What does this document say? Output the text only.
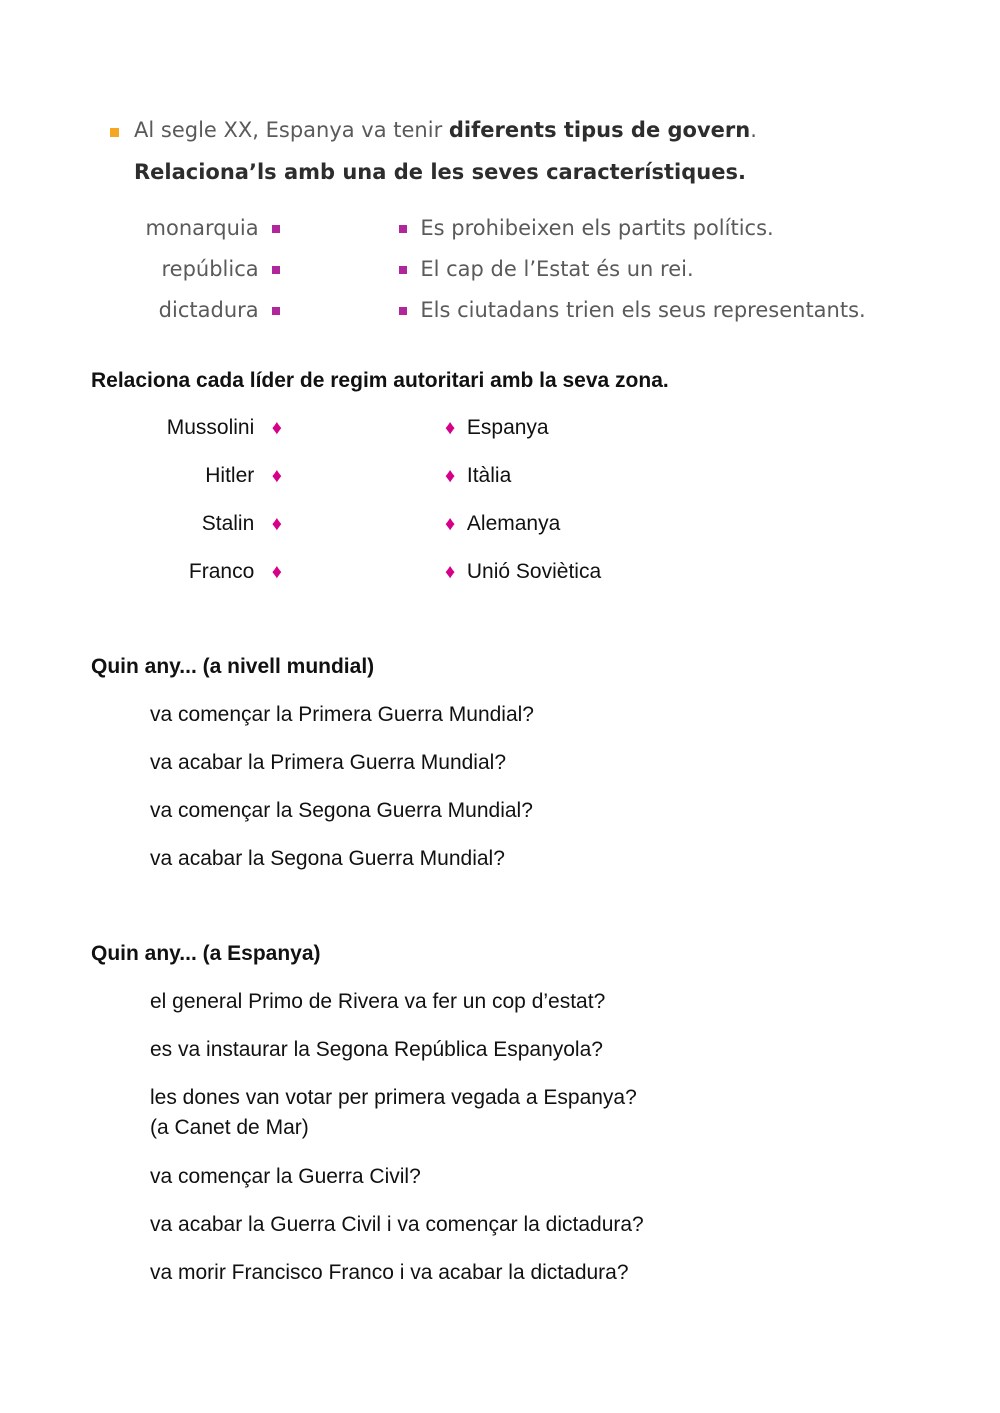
Al segle XX, Espanya va tenir diferents tipus de govern.
Relaciona’ls amb una de les seves característiques.
monarquia
república
dictadura
Es prohibeixen els partits polítics.
El cap de l’Estat és un rei.
Els ciutadans trien els seus representants.
Relaciona cada líder de regim autoritari amb la seva zona.
Mussolini ♦
Hitler ♦
Stalin ♦
Franco ♦
♦ Espanya
♦ Itàlia
♦ Alemanya
♦ Unió Soviètica
Quin any... (a nivell mundial)
va començar la Primera Guerra Mundial?
va acabar la Primera Guerra Mundial?
va començar la Segona Guerra Mundial?
va acabar la Segona Guerra Mundial?
Quin any... (a Espanya)
el general Primo de Rivera va fer un cop d’estat?
es va instaurar la Segona República Espanyola?
les dones van votar per primera vegada a Espanya?
(a Canet de Mar)
va començar la Guerra Civil?
va acabar la Guerra Civil i va començar la dictadura?
va morir Francisco Franco i va acabar la dictadura?
